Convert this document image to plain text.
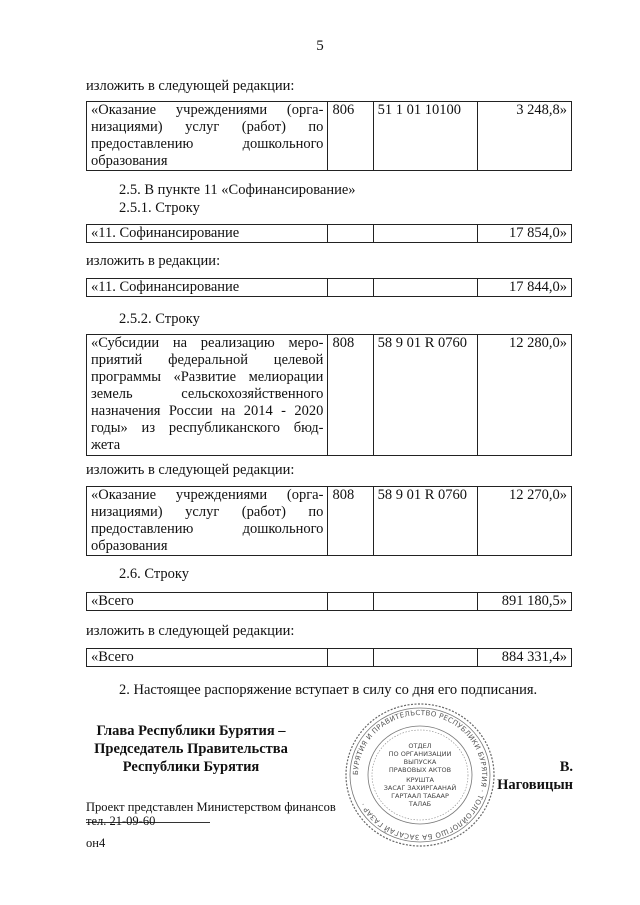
5
изложить в следующей редакции:
«Оказание учреждениями (орга-
низациями) услуг (работ) по
предоставлению дошкольного
образования
	806	51 1 01 10100	3 248,8»
2.5. В пункте 11 «Софинансирование»
2.5.1. Строку
«11. Софинансирование			17 854,0»
изложить в редакции:
«11. Софинансирование			17 844,0»
2.5.2. Строку
«Субсидии на реализацию меро-
приятий федеральной целевой
программы «Развитие мелиорации
земель сельскохозяйственного
назначения России на 2014 - 2020
годы» из республиканского бюд-
жета
	808	58 9 01 R 0760	12 280,0»
изложить в следующей редакции:
«Оказание учреждениями (орга-
низациями) услуг (работ) по
предоставлению дошкольного
образования
	808	58 9 01 R 0760	12 270,0»
2.6. Строку
«Всего			891 180,5»
изложить в следующей редакции:
«Всего			884 331,4»
2. Настоящее распоряжение вступает в силу со дня его подписания.
Глава Республики Бурятия –
Председатель Правительства
Республики Бурятия	В. Наговицын
БУРЯТИЯ И ПРАВИТЕЛЬСТВО РЕСПУБЛИКИ БУРЯТИЯ · ТОЛГОЙЛОГШО БА ЗАСАГАЙ ГАЗАР ·
ОТДЕЛ
ПО ОРГАНИЗАЦИИ
ВЫПУСКА
ПРАВОВЫХ АКТОВ
КРУШТА
ЗАСАГ ЗАХИРГААНАЙ
ГАРТААЛ ТАБААР
ТАЛАБ
Проект представлен Министерством финансов
тел. 21-09-60
он4
